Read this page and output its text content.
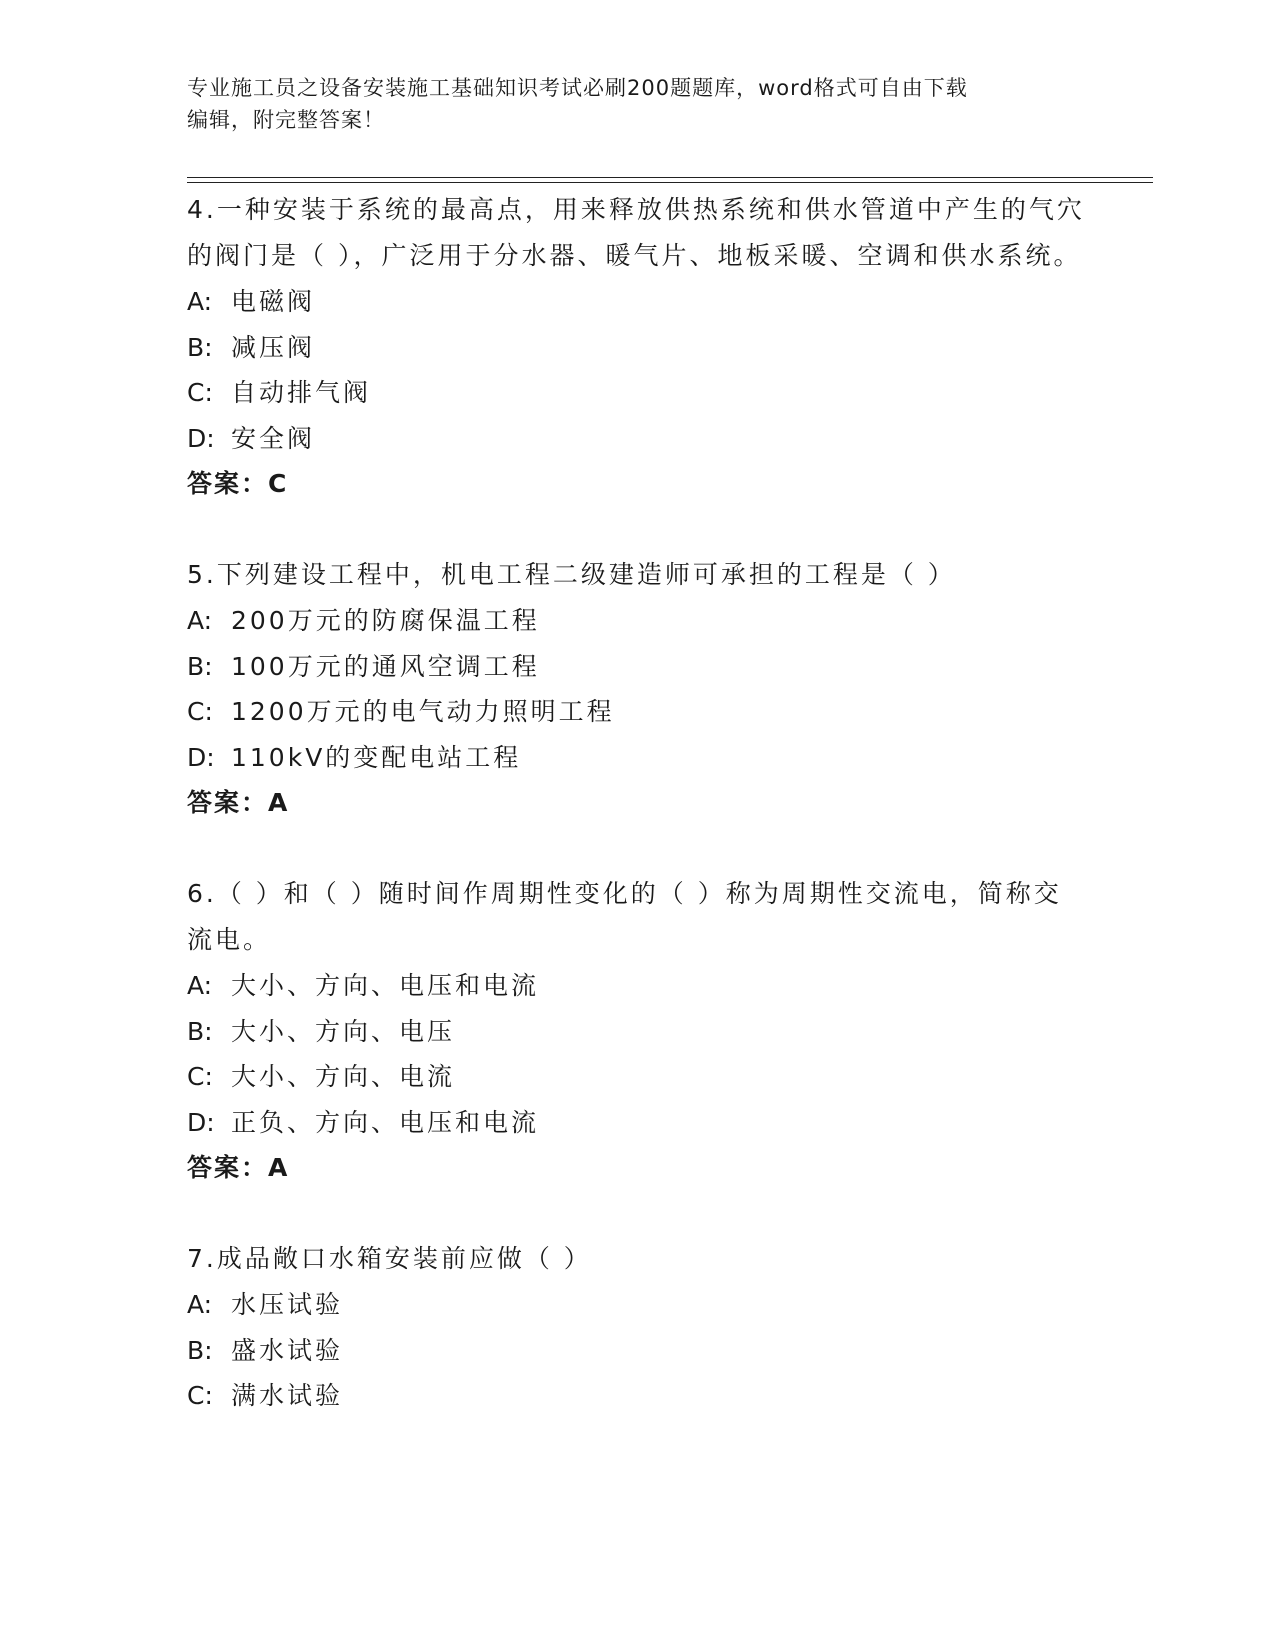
专业施工员之设备安装施工基础知识考试必刷200题题库，word格式可自由下载
编辑，附完整答案！
4.一种安装于系统的最高点，用来释放供热系统和供水管道中产生的气穴的阀门是（ ），广泛用于分水器、暖气片、地板采暖、空调和供水系统。
A: 电磁阀
B: 减压阀
C: 自动排气阀
D: 安全阀
答案：C
5.下列建设工程中，机电工程二级建造师可承担的工程是（ ）
A: 200万元的防腐保温工程
B: 100万元的通风空调工程
C: 1200万元的电气动力照明工程
D: 110kV的变配电站工程
答案：A
6.（ ）和（ ）随时间作周期性变化的（ ）称为周期性交流电，简称交流电。
A: 大小、方向、电压和电流
B: 大小、方向、电压
C: 大小、方向、电流
D: 正负、方向、电压和电流
答案：A
7.成品敞口水箱安装前应做（ ）
A: 水压试验
B: 盛水试验
C: 满水试验
